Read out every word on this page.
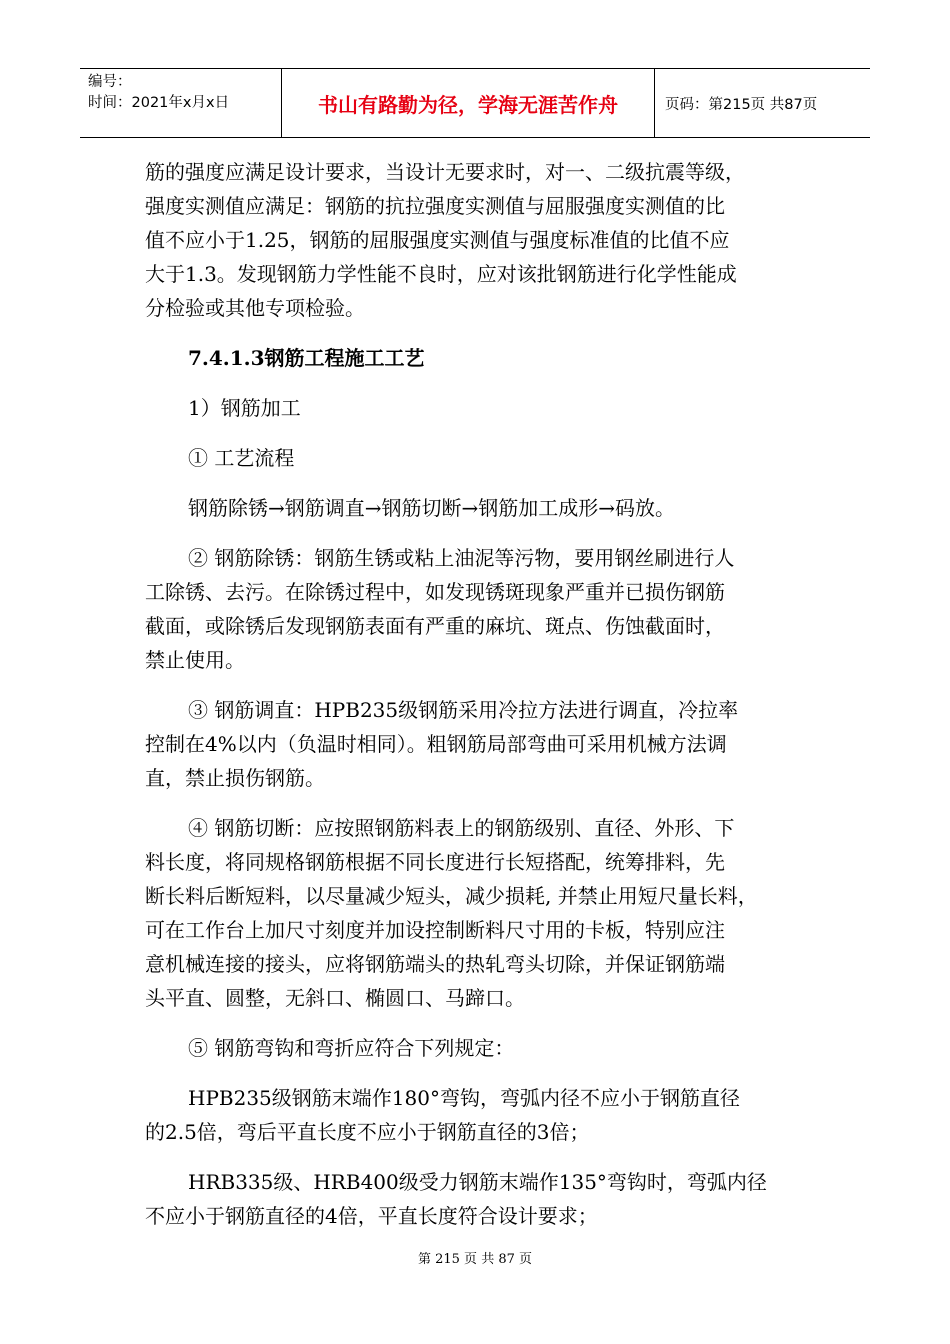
编号：
时间：2021年x月x日	书山有路勤为径，学海无涯苦作舟	页码：第215页 共87页

筋的强度应满足设计要求，当设计无要求时，对一、二级抗震等级，

强度实测值应满足：钢筋的抗拉强度实测值与屈服强度实测值的比

值不应小于1.25，钢筋的屈服强度实测值与强度标准值的比值不应

大于1.3。发现钢筋力学性能不良时，应对该批钢筋进行化学性能成

分检验或其他专项检验。

7.4.1.3钢筋工程施工工艺

1）钢筋加工

① 工艺流程

钢筋除锈→钢筋调直→钢筋切断→钢筋加工成形→码放。

② 钢筋除锈：钢筋生锈或粘上油泥等污物，要用钢丝刷进行人

工除锈、去污。在除锈过程中，如发现锈斑现象严重并已损伤钢筋

截面，或除锈后发现钢筋表面有严重的麻坑、斑点、伤蚀截面时，

禁止使用。

③ 钢筋调直：HPB235级钢筋采用冷拉方法进行调直，冷拉率

控制在4%以内（负温时相同）。粗钢筋局部弯曲可采用机械方法调

直，禁止损伤钢筋。

④ 钢筋切断：应按照钢筋料表上的钢筋级别、直径、外形、下

料长度，将同规格钢筋根据不同长度进行长短搭配，统筹排料，先

断长料后断短料，以尽量减少短头，减少损耗, 并禁止用短尺量长料，

可在工作台上加尺寸刻度并加设控制断料尺寸用的卡板，特别应注

意机械连接的接头，应将钢筋端头的热轧弯头切除，并保证钢筋端

头平直、圆整，无斜口、椭圆口、马蹄口。

⑤ 钢筋弯钩和弯折应符合下列规定：

HPB235级钢筋末端作180°弯钩，弯弧内径不应小于钢筋直径

的2.5倍，弯后平直长度不应小于钢筋直径的3倍；

HRB335级、HRB400级受力钢筋末端作135°弯钩时，弯弧内径

不应小于钢筋直径的4倍，平直长度符合设计要求；

第 215 页 共 87 页
